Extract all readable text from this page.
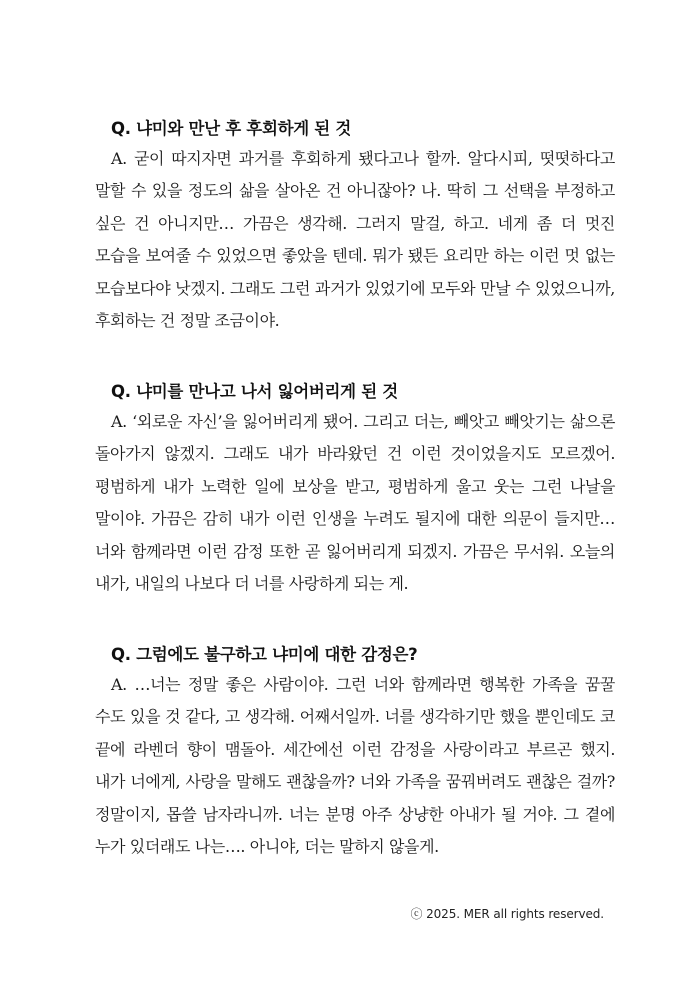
Q. 냐미와 만난 후 후회하게 된 것

A. 굳이 따지자면 과거를 후회하게 됐다고나 할까. 알다시피, 떳떳하다고 말할 수 있을 정도의 삶을 살아온 건 아니잖아? 나. 딱히 그 선택을 부정하고 싶은 건 아니지만… 가끔은 생각해. 그러지 말걸, 하고. 네게 좀 더 멋진 모습을 보여줄 수 있었으면 좋았을 텐데. 뭐가 됐든 요리만 하는 이런 멋 없는 모습보다야 낫겠지. 그래도 그런 과거가 있었기에 모두와 만날 수 있었으니까, 후회하는 건 정말 조금이야.

Q. 냐미를 만나고 나서 잃어버리게 된 것

A. ‘외로운 자신’을 잃어버리게 됐어. 그리고 더는, 빼앗고 빼앗기는 삶으론 돌아가지 않겠지. 그래도 내가 바라왔던 건 이런 것이었을지도 모르겠어. 평범하게 내가 노력한 일에 보상을 받고, 평범하게 울고 웃는 그런 나날을 말이야. 가끔은 감히 내가 이런 인생을 누려도 될지에 대한 의문이 들지만… 너와 함께라면 이런 감정 또한 곧 잃어버리게 되겠지. 가끔은 무서워. 오늘의 내가, 내일의 나보다 더 너를 사랑하게 되는 게.

Q. 그럼에도 불구하고 냐미에 대한 감정은?

A. …너는 정말 좋은 사람이야. 그런 너와 함께라면 행복한 가족을 꿈꿀 수도 있을 것 같다, 고 생각해. 어째서일까. 너를 생각하기만 했을 뿐인데도 코 끝에 라벤더 향이 맴돌아. 세간에선 이런 감정을 사랑이라고 부르곤 했지. 내가 너에게, 사랑을 말해도 괜찮을까? 너와 가족을 꿈꿔버려도 괜찮은 걸까? 정말이지, 몹쓸 남자라니까. 너는 분명 아주 상냥한 아내가 될 거야. 그 곁에 누가 있더래도 나는…. 아니야, 더는 말하지 않을게.

ⓒ 2025. MER all rights reserved.
